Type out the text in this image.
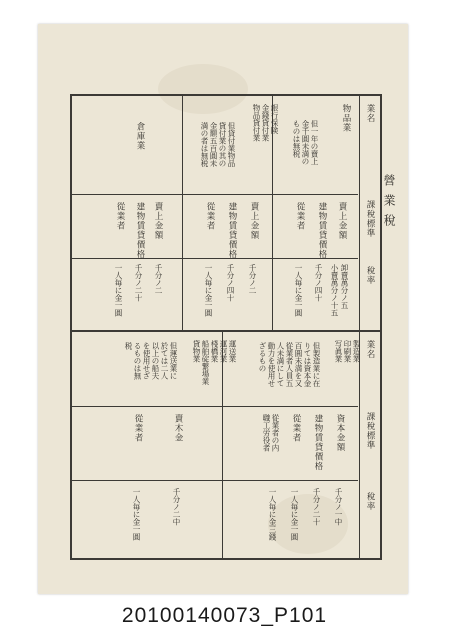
營業稅
業名
課稅標準
稅率
物品業
但一年の賣上
金千圓未満の
ものは無税
賣上金額
建物賃貸價格
從業者
卸賣萬分ノ五
小賣萬分ノ十五
千分ノ四十
一人毎に金一圓
銀行保険
金錢貸付業
物品貸付業
但貸付業物品
貸付業の其の
金額五百圓未
満の者は無税
賣上金額
建物賃貸價格
從業者
千分ノ二
千分ノ四十
一人毎に金一圓
倉庫業
賣上金額
建物賃貸價格
從業者
千分ノ二
千分ノ二十
一人毎に金一圓
業名
課稅標準
稅率
製造業
印刷業
写眞業
但製造業に在
りては資本金
百圓未満を又
從業者人員五
人未満にして
動力を使用せ
ざるもの
資本金額
建物賃貸價格
從業者
從業者の内
職工労役者
千分ノ一中
千分ノ二十
一人毎に金一圓
一人毎に金三錢
運送業
運河業
棧橋業
船舶碇繋場業
貸物業
但運送業に
於ては二人
以上の船夫
を使用せざ
るものは無
税
賣木金
從業者
千分ノ二中
一人毎に金一圓
20100140073_P101
